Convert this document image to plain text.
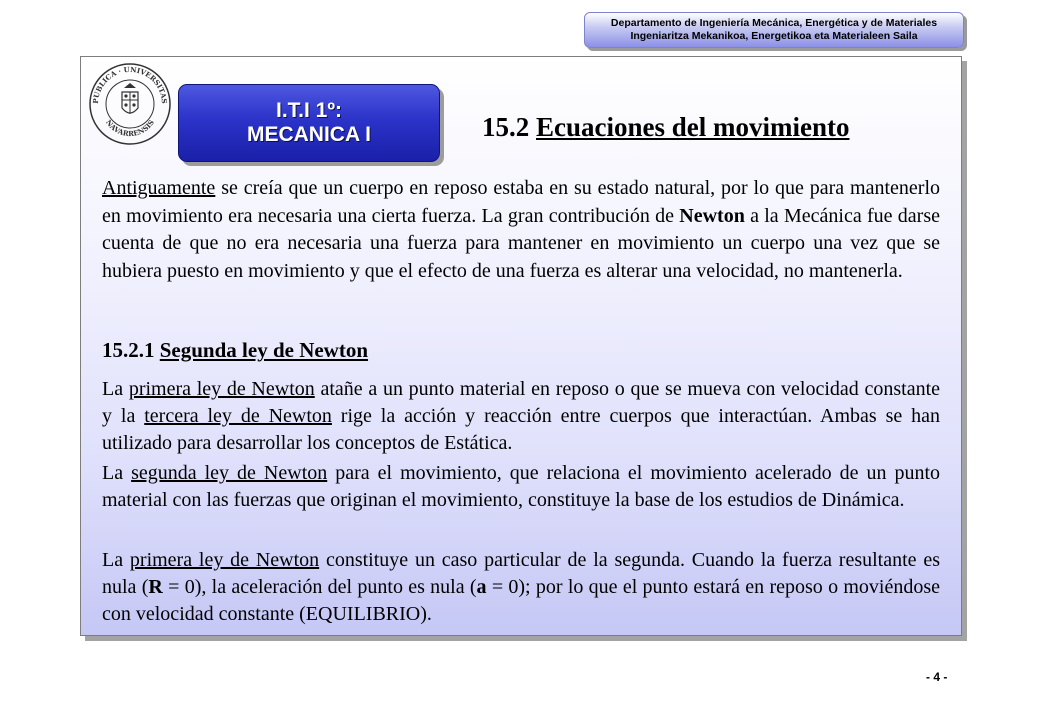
Departamento de Ingeniería Mecánica, Energética y de Materiales
Ingeniaritza Mekanikoa, Energetikoa eta Materialeen Saila
PUBLICA · UNIVERSITAS
NAVARRENSIS
I.T.I 1º:
MECANICA I	15.2 Ecuaciones del movimiento
Antiguamente se creía que un cuerpo en reposo estaba en su estado natural, por lo que para mantenerlo en movimiento era necesaria una cierta fuerza. La gran contribución de Newton a la Mecánica fue darse cuenta de que no era necesaria una fuerza para mantener en movimiento un cuerpo una vez que se hubiera puesto en movimiento y que el efecto de una fuerza es alterar una velocidad, no mantenerla.
15.2.1 Segunda ley de Newton
La primera ley de Newton atañe a un punto material en reposo o que se mueva con velocidad constante y la tercera ley de Newton rige la acción y reacción entre cuerpos que interactúan. Ambas se han utilizado para desarrollar los conceptos de Estática.
La segunda ley de Newton para el movimiento, que relaciona el movimiento acelerado de un punto material con las fuerzas que originan el movimiento, constituye la base de los estudios de Dinámica.
La primera ley de Newton constituye un caso particular de la segunda. Cuando la fuerza resultante es nula (R = 0), la aceleración del punto es nula (a = 0); por lo que el punto estará en reposo o moviéndose con velocidad constante (EQUILIBRIO).
- 4 -
